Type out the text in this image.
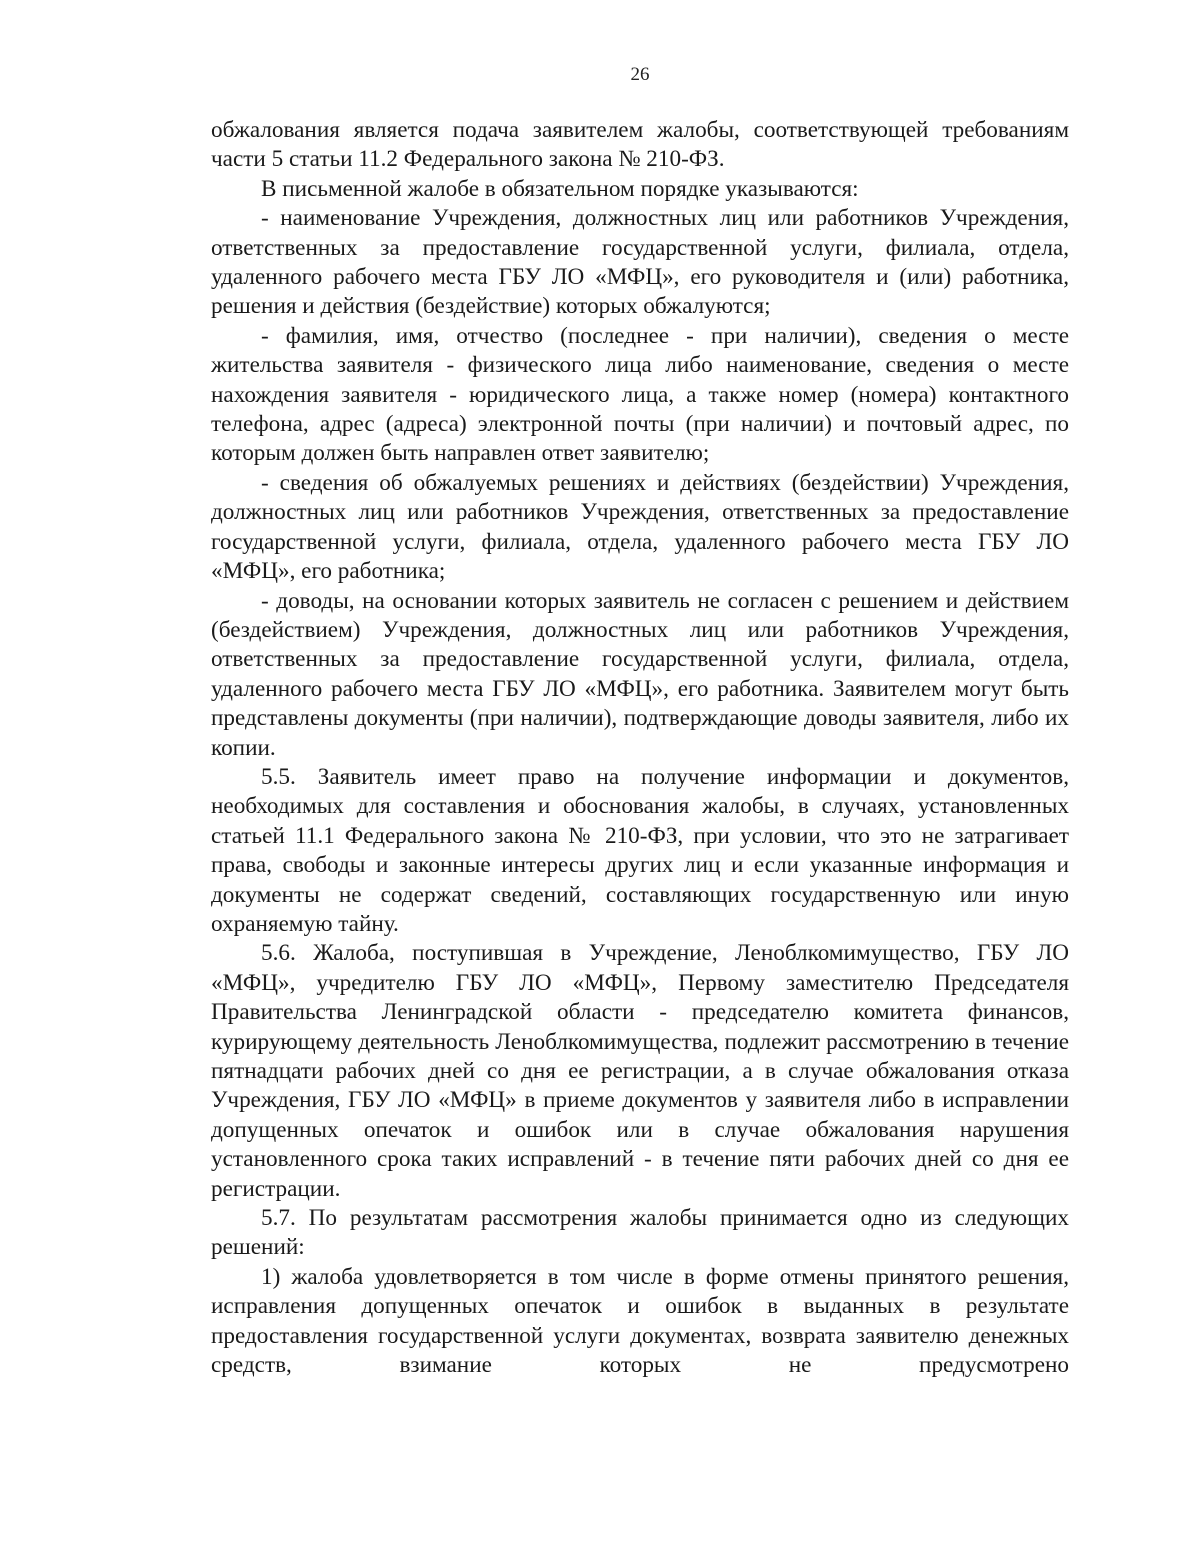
26

обжалования является подача заявителем жалобы, соответствующей требованиям части 5 статьи 11.2 Федерального закона № 210-ФЗ.

В письменной жалобе в обязательном порядке указываются:

- наименование Учреждения, должностных лиц или работников Учреждения, ответственных за предоставление государственной услуги, филиала, отдела, удаленного рабочего места ГБУ ЛО «МФЦ», его руководителя и (или) работника, решения и действия (бездействие) которых обжалуются;

- фамилия, имя, отчество (последнее - при наличии), сведения о месте жительства заявителя - физического лица либо наименование, сведения о месте нахождения заявителя - юридического лица, а также номер (номера) контактного телефона, адрес (адреса) электронной почты (при наличии) и почтовый адрес, по которым должен быть направлен ответ заявителю;

- сведения об обжалуемых решениях и действиях (бездействии) Учреждения, должностных лиц или работников Учреждения, ответственных за предоставление государственной услуги, филиала, отдела, удаленного рабочего места ГБУ ЛО «МФЦ», его работника;

- доводы, на основании которых заявитель не согласен с решением и действием (бездействием) Учреждения, должностных лиц или работников Учреждения, ответственных за предоставление государственной услуги, филиала, отдела, удаленного рабочего места ГБУ ЛО «МФЦ», его работника. Заявителем могут быть представлены документы (при наличии), подтверждающие доводы заявителя, либо их копии.

5.5. Заявитель имеет право на получение информации и документов, необходимых для составления и обоснования жалобы, в случаях, установленных статьей 11.1 Федерального закона № 210-ФЗ, при условии, что это не затрагивает права, свободы и законные интересы других лиц и если указанные информация и документы не содержат сведений, составляющих государственную или иную охраняемую тайну.

5.6. Жалоба, поступившая в Учреждение, Леноблкомимущество, ГБУ ЛО «МФЦ», учредителю ГБУ ЛО «МФЦ», Первому заместителю Председателя Правительства Ленинградской области - председателю комитета финансов, курирующему деятельность Леноблкомимущества, подлежит рассмотрению в течение пятнадцати рабочих дней со дня ее регистрации, а в случае обжалования отказа Учреждения, ГБУ ЛО «МФЦ» в приеме документов у заявителя либо в исправлении допущенных опечаток и ошибок или в случае обжалования нарушения установленного срока таких исправлений - в течение пяти рабочих дней со дня ее регистрации.

5.7. По результатам рассмотрения жалобы принимается одно из следующих решений:

1) жалоба удовлетворяется в том числе в форме отмены принятого решения, исправления допущенных опечаток и ошибок в выданных в результате предоставления государственной услуги документах, возврата заявителю денежных средств, взимание которых не предусмотрено
